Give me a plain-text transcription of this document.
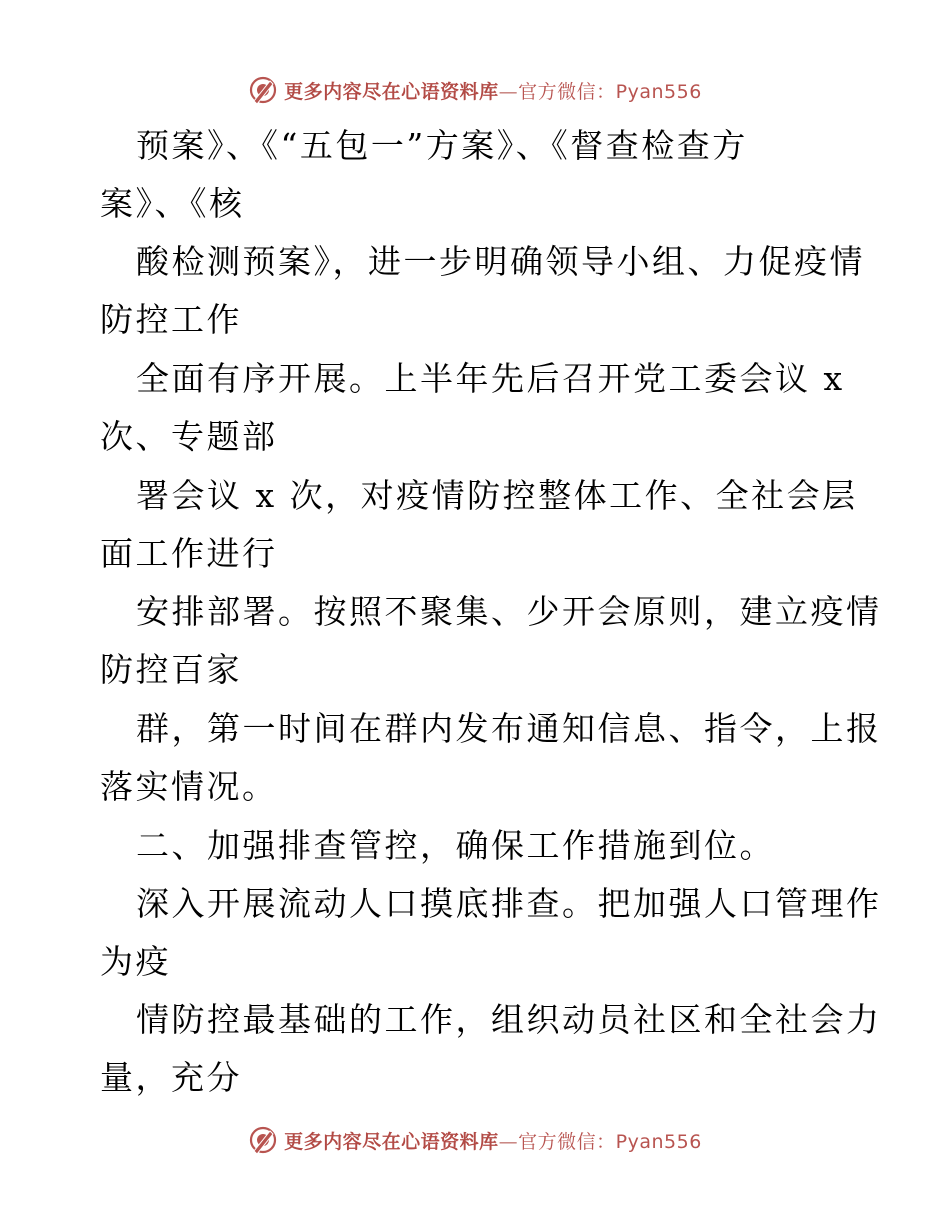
更多内容尽在心语资料库—官方微信：Pyan556
预案》、《“五包一”方案》、《督查检查方
案》、《核
酸检测预案》，进一步明确领导小组、力促疫情
防控工作
全面有序开展。上半年先后召开党工委会议 x
次、专题部
署会议 x 次，对疫情防控整体工作、全社会层
面工作进行
安排部署。按照不聚集、少开会原则，建立疫情
防控百家
群，第一时间在群内发布通知信息、指令，上报
落实情况。
二、加强排查管控，确保工作措施到位。
深入开展流动人口摸底排查。把加强人口管理作
为疫
情防控最基础的工作，组织动员社区和全社会力
量，充分
更多内容尽在心语资料库—官方微信：Pyan556
